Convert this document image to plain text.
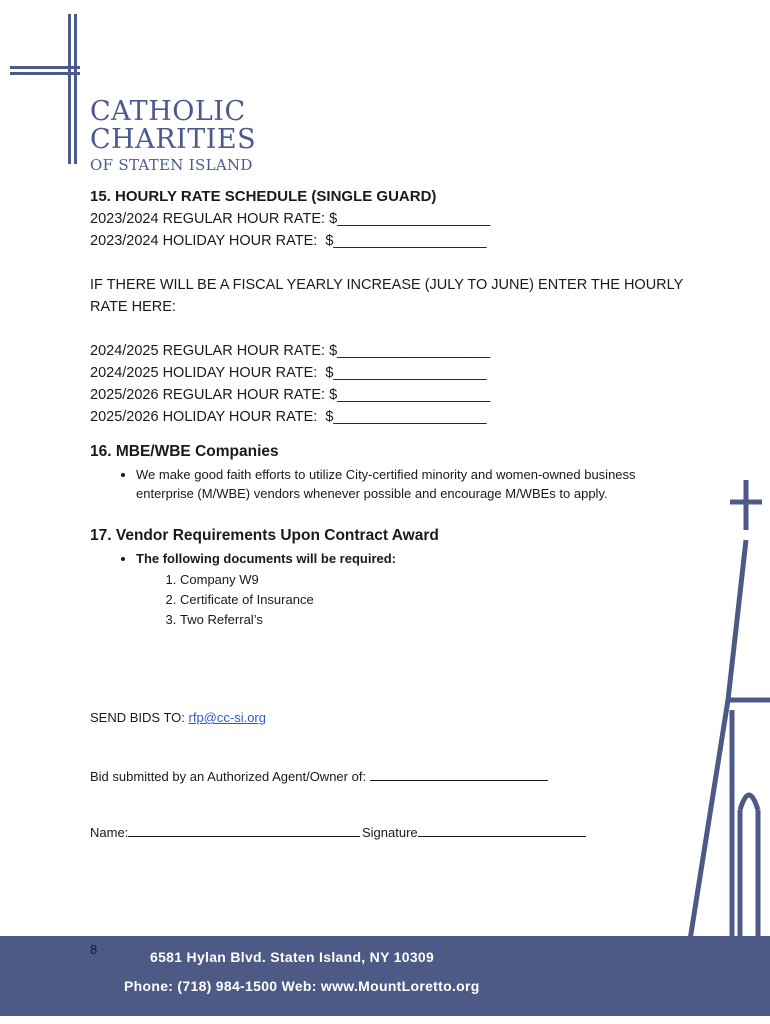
CATHOLIC
CHARITIES
OF STATEN ISLAND

15. HOURLY RATE SCHEDULE (SINGLE GUARD)

2023/2024 REGULAR HOUR RATE: $___________________

2023/2024 HOLIDAY HOUR RATE:  $___________________

IF THERE WILL BE A FISCAL YEARLY INCREASE (JULY TO JUNE) ENTER THE HOURLY

RATE HERE:

2024/2025 REGULAR HOUR RATE: $___________________

2024/2025 HOLIDAY HOUR RATE:  $___________________

2025/2026 REGULAR HOUR RATE: $___________________

2025/2026 HOLIDAY HOUR RATE:  $___________________

16. MBE/WBE Companies

• We make good faith efforts to utilize City-certified minority and women-owned business enterprise (M/WBE) vendors whenever possible and encourage M/WBEs to apply.

17. Vendor Requirements Upon Contract Award

• The following documents will be required:
1. Company W9
2. Certificate of Insurance
3. Two Referral’s
SEND BIDS TO: rfp@cc-si.org
Bid submitted by an Authorized Agent/Owner of:
Name:	Signature
8	6581 Hylan Blvd. Staten Island, NY 10309
Phone: (718) 984-1500 Web: www.MountLoretto.org
